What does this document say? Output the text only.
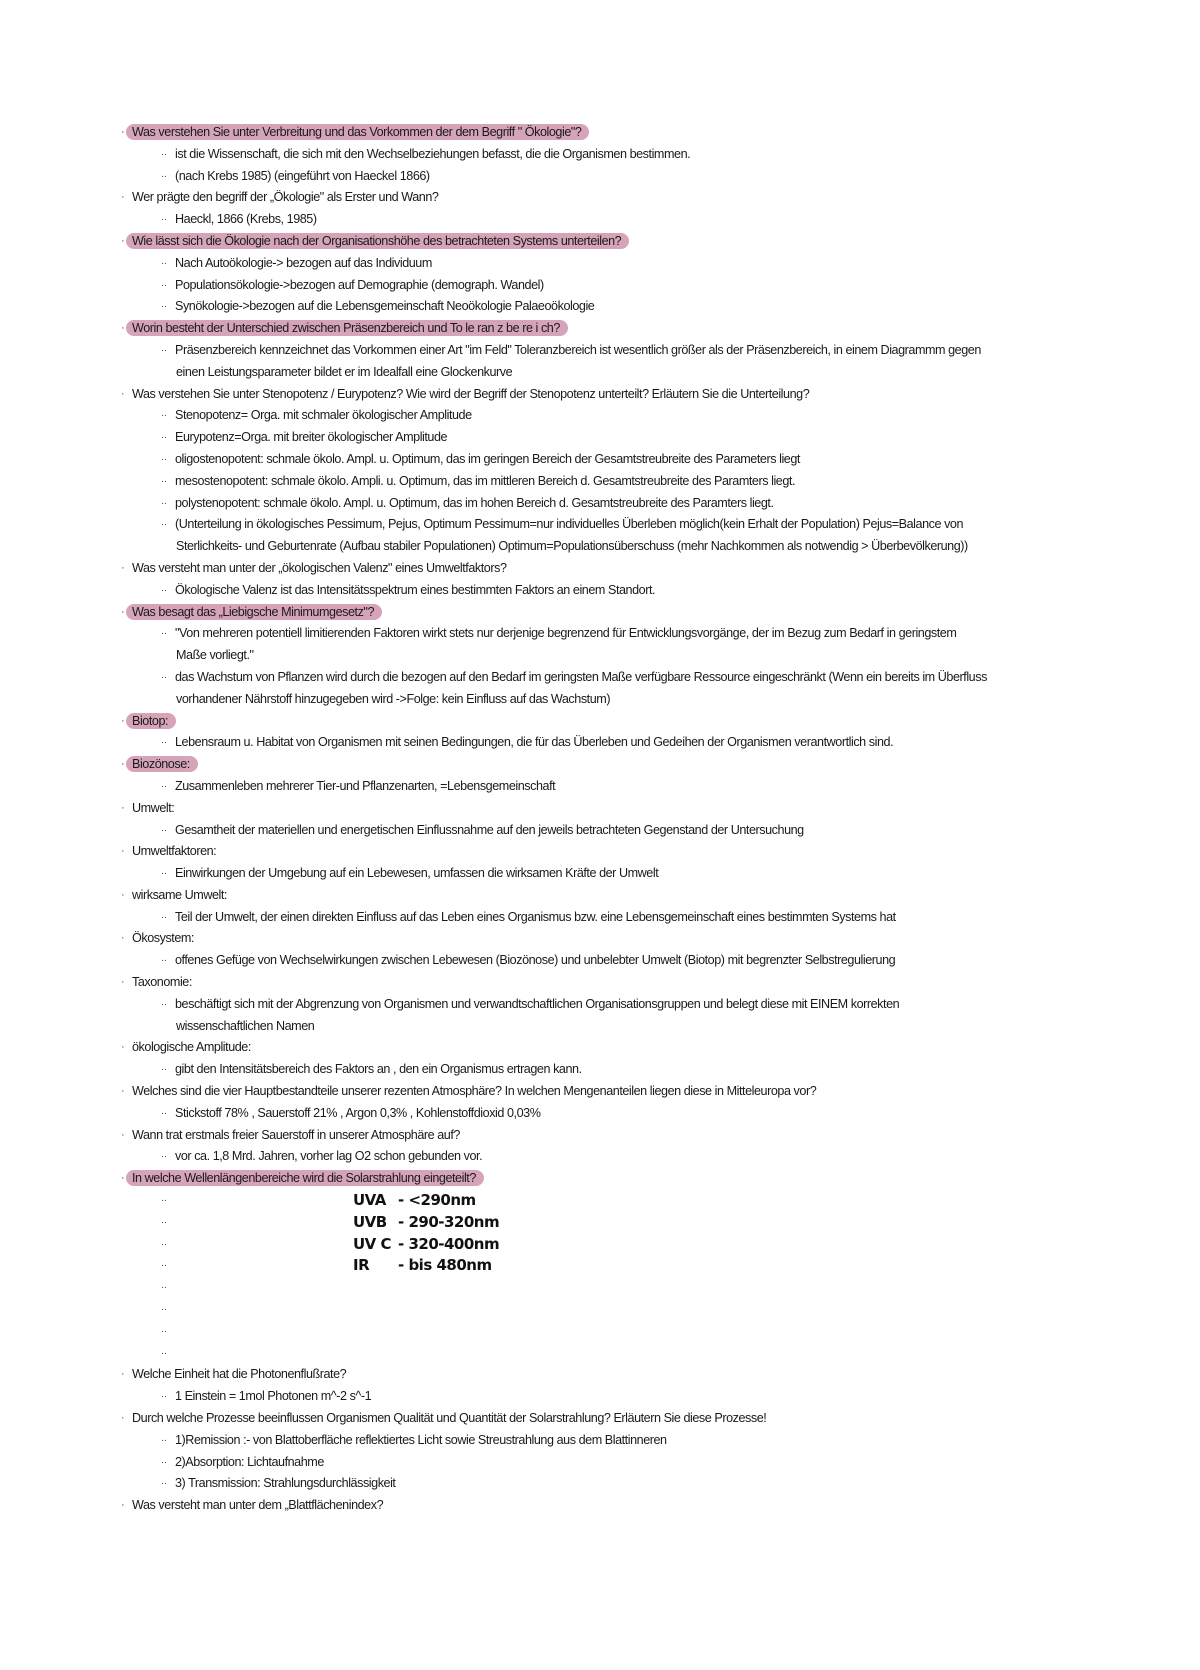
· Was verstehen Sie unter Verbreitung und das Vorkommen der dem Begriff " Ökologie"?
·· ist die Wissenschaft, die sich mit den Wechselbeziehungen befasst, die die Organismen bestimmen.
·· (nach Krebs 1985) (eingeführt von Haeckel 1866)
· Wer prägte den begriff der „Ökologie" als Erster und Wann?
·· Haeckl, 1866 (Krebs, 1985)
· Wie lässt sich die Ökologie nach der Organisationshöhe des betrachteten Systems unterteilen?
·· Nach Autoökologie-> bezogen auf das Individuum
·· Populationsökologie->bezogen auf Demographie (demograph. Wandel)
·· Synökologie->bezogen auf die Lebensgemeinschaft Neoökologie Palaeoökologie
· Worin besteht der Unterschied zwischen Präsenzbereich und To le ran z be re i ch?
·· Präsenzbereich kennzeichnet das Vorkommen einer Art "im Feld" Toleranzbereich ist wesentlich größer als der Präsenzbereich, in einem Diagrammm gegen
einen Leistungsparameter bildet er im Idealfall eine Glockenkurve
· Was verstehen Sie unter Stenopotenz / Eurypotenz? Wie wird der Begriff der Stenopotenz unterteilt? Erläutern Sie die Unterteilung?
·· Stenopotenz= Orga. mit schmaler ökologischer Amplitude
·· Eurypotenz=Orga. mit breiter ökologischer Amplitude
·· oligostenopotent: schmale ökolo. Ampl. u. Optimum, das im geringen Bereich der Gesamtstreubreite des Parameters liegt
·· mesostenopotent: schmale ökolo. Ampli. u. Optimum, das im mittleren Bereich d. Gesamtstreubreite des Paramters liegt.
·· polystenopotent: schmale ökolo. Ampl. u. Optimum, das im hohen Bereich d. Gesamtstreubreite des Paramters liegt.
·· (Unterteilung in ökologisches Pessimum, Pejus, Optimum Pessimum=nur individuelles Überleben möglich(kein Erhalt der Population) Pejus=Balance von
Sterlichkeits- und Geburtenrate (Aufbau stabiler Populationen) Optimum=Populationsüberschuss (mehr Nachkommen als notwendig > Überbevölkerung))
· Was versteht man unter der „ökologischen Valenz" eines Umweltfaktors?
·· Ökologische Valenz ist das Intensitätsspektrum eines bestimmten Faktors an einem Standort.
· Was besagt das „Liebigsche Minimumgesetz"?
·· "Von mehreren potentiell limitierenden Faktoren wirkt stets nur derjenige begrenzend für Entwicklungsvorgänge, der im Bezug zum Bedarf in geringstem
Maße vorliegt."
·· das Wachstum von Pflanzen wird durch die bezogen auf den Bedarf im geringsten Maße verfügbare Ressource eingeschränkt (Wenn ein bereits im Überfluss
vorhandener Nährstoff hinzugegeben wird ->Folge: kein Einfluss auf das Wachstum)
· Biotop:
·· Lebensraum u. Habitat von Organismen mit seinen Bedingungen, die für das Überleben und Gedeihen der Organismen verantwortlich sind.
· Biozönose:
·· Zusammenleben mehrerer Tier-und Pflanzenarten, =Lebensgemeinschaft
· Umwelt:
·· Gesamtheit der materiellen und energetischen Einflussnahme auf den jeweils betrachteten Gegenstand der Untersuchung
· Umweltfaktoren:
·· Einwirkungen der Umgebung auf ein Lebewesen, umfassen die wirksamen Kräfte der Umwelt
· wirksame Umwelt:
·· Teil der Umwelt, der einen direkten Einfluss auf das Leben eines Organismus bzw. eine Lebensgemeinschaft eines bestimmten Systems hat
· Ökosystem:
·· offenes Gefüge von Wechselwirkungen zwischen Lebewesen (Biozönose) und unbelebter Umwelt (Biotop) mit begrenzter Selbstregulierung
· Taxonomie:
·· beschäftigt sich mit der Abgrenzung von Organismen und verwandtschaftlichen Organisationsgruppen und belegt diese mit EINEM korrekten
wissenschaftlichen Namen
· ökologische Amplitude:
·· gibt den Intensitätsbereich des Faktors an , den ein Organismus ertragen kann.
· Welches sind die vier Hauptbestandteile unserer rezenten Atmosphäre? In welchen Mengenanteilen liegen diese in Mitteleuropa vor?
·· Stickstoff 78% , Sauerstoff 21% , Argon 0,3% , Kohlenstoffdioxid 0,03%
· Wann trat erstmals freier Sauerstoff in unserer Atmosphäre auf?
·· vor ca. 1,8 Mrd. Jahren, vorher lag O2 schon gebunden vor.
· In welche Wellenlängenbereiche wird die Solarstrahlung eingeteilt?
··	UVA - <290nm
··	UVB - 290-320nm
··	UV C - 320-400nm
··	IR - bis 480nm
··
··
··
··
· Welche Einheit hat die Photonenflußrate?
·· 1 Einstein = 1mol Photonen m^-2 s^-1
· Durch welche Prozesse beeinflussen Organismen Qualität und Quantität der Solarstrahlung? Erläutern Sie diese Prozesse!
·· 1)Remission :- von Blattoberfläche reflektiertes Licht sowie Streustrahlung aus dem Blattinneren
·· 2)Absorption: Lichtaufnahme
·· 3) Transmission: Strahlungsdurchlässigkeit
· Was versteht man unter dem „Blattflächenindex?
